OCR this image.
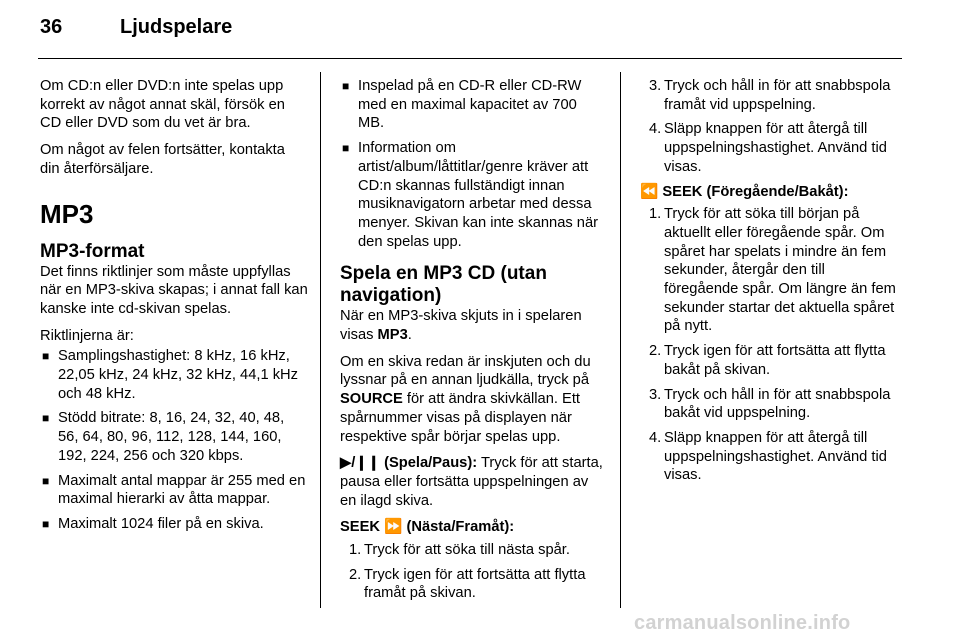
36	Ljudspelare

Om CD:n eller DVD:n inte spelas upp korrekt av något annat skäl, försök en CD eller DVD som du vet är bra.

Om något av felen fortsätter, kontakta din återförsäljare.

MP3
MP3-format

Det finns riktlinjer som måste uppfyllas när en MP3-skiva skapas; i annat fall kan kanske inte cd-skivan spelas.

Riktlinjerna är:

■ Samplingshastighet: 8 kHz, 16 kHz, 22,05 kHz, 24 kHz, 32 kHz, 44,1 kHz och 48 kHz.
■ Stödd bitrate: 8, 16, 24, 32, 40, 48, 56, 64, 80, 96, 112, 128, 144, 160, 192, 224, 256 och 320 kbps.
■ Maximalt antal mappar är 255 med en maximal hierarki av åtta mappar.
■ Maximalt 1024 filer på en skiva.
■ Inspelad på en CD-R eller CD-RW med en maximal kapacitet av 700 MB.
■ Information om artist/album/låttitlar/genre kräver att CD:n skannas fullständigt innan musiknavigatorn arbetar med dessa menyer. Skivan kan inte skannas när den spelas upp.
Spela en MP3 CD (utan navigation)

När en MP3-skiva skjuts in i spelaren visas MP3.

Om en skiva redan är inskjuten och du lyssnar på en annan ljudkälla, tryck på SOURCE för att ändra skivkällan. Ett spårnummer visas på displayen när respektive spår börjar spelas upp.

▶/❙❙ (Spela/Paus): Tryck för att starta, pausa eller fortsätta uppspelningen av en ilagd skiva.

SEEK ⏩ (Nästa/Framåt):

1. Tryck för att söka till nästa spår.
2. Tryck igen för att fortsätta att flytta framåt på skivan.
3. Tryck och håll in för att snabbspola framåt vid uppspelning.
4. Släpp knappen för att återgå till uppspelningshastighet. Använd tid visas.

⏪ SEEK (Föregående/Bakåt):

1. Tryck för att söka till början på aktuellt eller föregående spår. Om spåret har spelats i mindre än fem sekunder, återgår den till föregående spår. Om längre än fem sekunder startar det aktuella spåret på nytt.
2. Tryck igen för att fortsätta att flytta bakåt på skivan.
3. Tryck och håll in för att snabbspola bakåt vid uppspelning.
4. Släpp knappen för att återgå till uppspelningshastighet. Använd tid visas.
carmanualsonline.info
